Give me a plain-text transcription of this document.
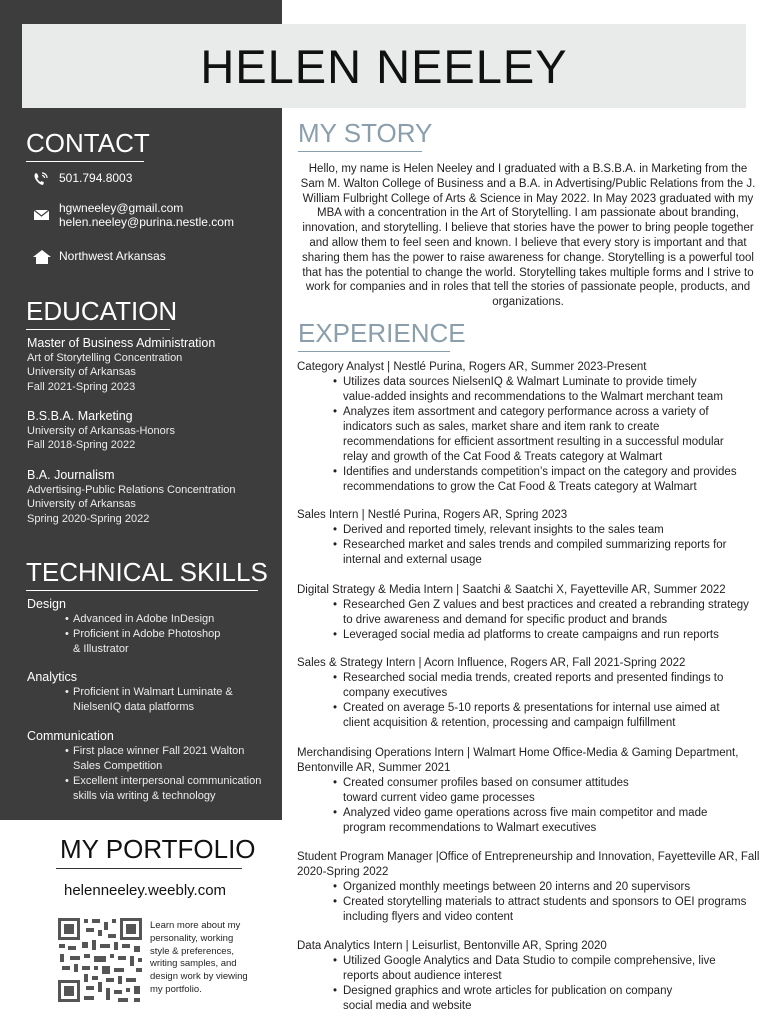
HELEN NEELEY
CONTACT
501.794.8003
hgwneeley@gmail.com
helen.neeley@purina.nestle.com
Northwest Arkansas
EDUCATION
Master of Business Administration
Art of Storytelling Concentration
University of Arkansas
Fall 2021-Spring 2023
B.S.B.A. Marketing
University of Arkansas-Honors
Fall 2018-Spring 2022
B.A. Journalism
Advertising-Public Relations Concentration
University of Arkansas
Spring 2020-Spring 2022
TECHNICAL SKILLS
Design
• Advanced in Adobe InDesign
• Proficient in Adobe Photoshop & Illustrator
Analytics
• Proficient in Walmart Luminate & NielsenIQ data platforms
Communication
• First place winner Fall 2021 Walton Sales Competition
• Excellent interpersonal communication skills via writing & technology
MY PORTFOLIO
helenneeley.weebly.com
Learn more about my personality, working style & preferences, writing samples, and design work by viewing my portfolio.
MY STORY

Hello, my name is Helen Neeley and I graduated with a B.S.B.A. in Marketing from the Sam M. Walton College of Business and a B.A. in Advertising/Public Relations from the J. William Fulbright College of Arts & Science in May 2022. In May 2023 graduated with my MBA with a concentration in the Art of Storytelling. I am passionate about branding, innovation, and storytelling. I believe that stories have the power to bring people together and allow them to feel seen and known. I believe that every story is important and that sharing them has the power to raise awareness for change. Storytelling is a powerful tool that has the potential to change the world. Storytelling takes multiple forms and I strive to work for companies and in roles that tell the stories of passionate people, products, and organizations.

EXPERIENCE
Category Analyst | Nestlé Purina, Rogers AR, Summer 2023-Present
• Utilizes data sources NielsenIQ & Walmart Luminate to provide timely value-added insights and recommendations to the Walmart merchant team
• Analyzes item assortment and category performance across a variety of indicators such as sales, market share and item rank to create recommendations for efficient assortment resulting in a successful modular relay and growth of the Cat Food & Treats category at Walmart
• Identifies and understands competition’s impact on the category and provides recommendations to grow the Cat Food & Treats category at Walmart
Sales Intern | Nestlé Purina, Rogers AR, Spring 2023
• Derived and reported timely, relevant insights to the sales team
• Researched market and sales trends and compiled summarizing reports for internal and external usage
Digital Strategy & Media Intern | Saatchi & Saatchi X, Fayetteville AR, Summer 2022
• Researched Gen Z values and best practices and created a rebranding strategy to drive awareness and demand for specific product and brands
• Leveraged social media ad platforms to create campaigns and run reports
Sales & Strategy Intern | Acorn Influence, Rogers AR, Fall 2021-Spring 2022
• Researched social media trends, created reports and presented findings to company executives
• Created on average 5-10 reports & presentations for internal use aimed at client acquisition & retention, processing and campaign fulfillment
Merchandising Operations Intern | Walmart Home Office-Media & Gaming Department, Bentonville AR, Summer 2021
• Created consumer profiles based on consumer attitudes toward current video game processes
• Analyzed video game operations across five main competitor and made program recommendations to Walmart executives
Student Program Manager |Office of Entrepreneurship and Innovation, Fayetteville AR, Fall 2020-Spring 2022
• Organized monthly meetings between 20 interns and 20 supervisors
• Created storytelling materials to attract students and sponsors to OEI programs including flyers and video content
Data Analytics Intern | Leisurlist, Bentonville AR, Spring 2020
• Utilized Google Analytics and Data Studio to compile comprehensive, live reports about audience interest
• Designed graphics and wrote articles for publication on company social media and website
